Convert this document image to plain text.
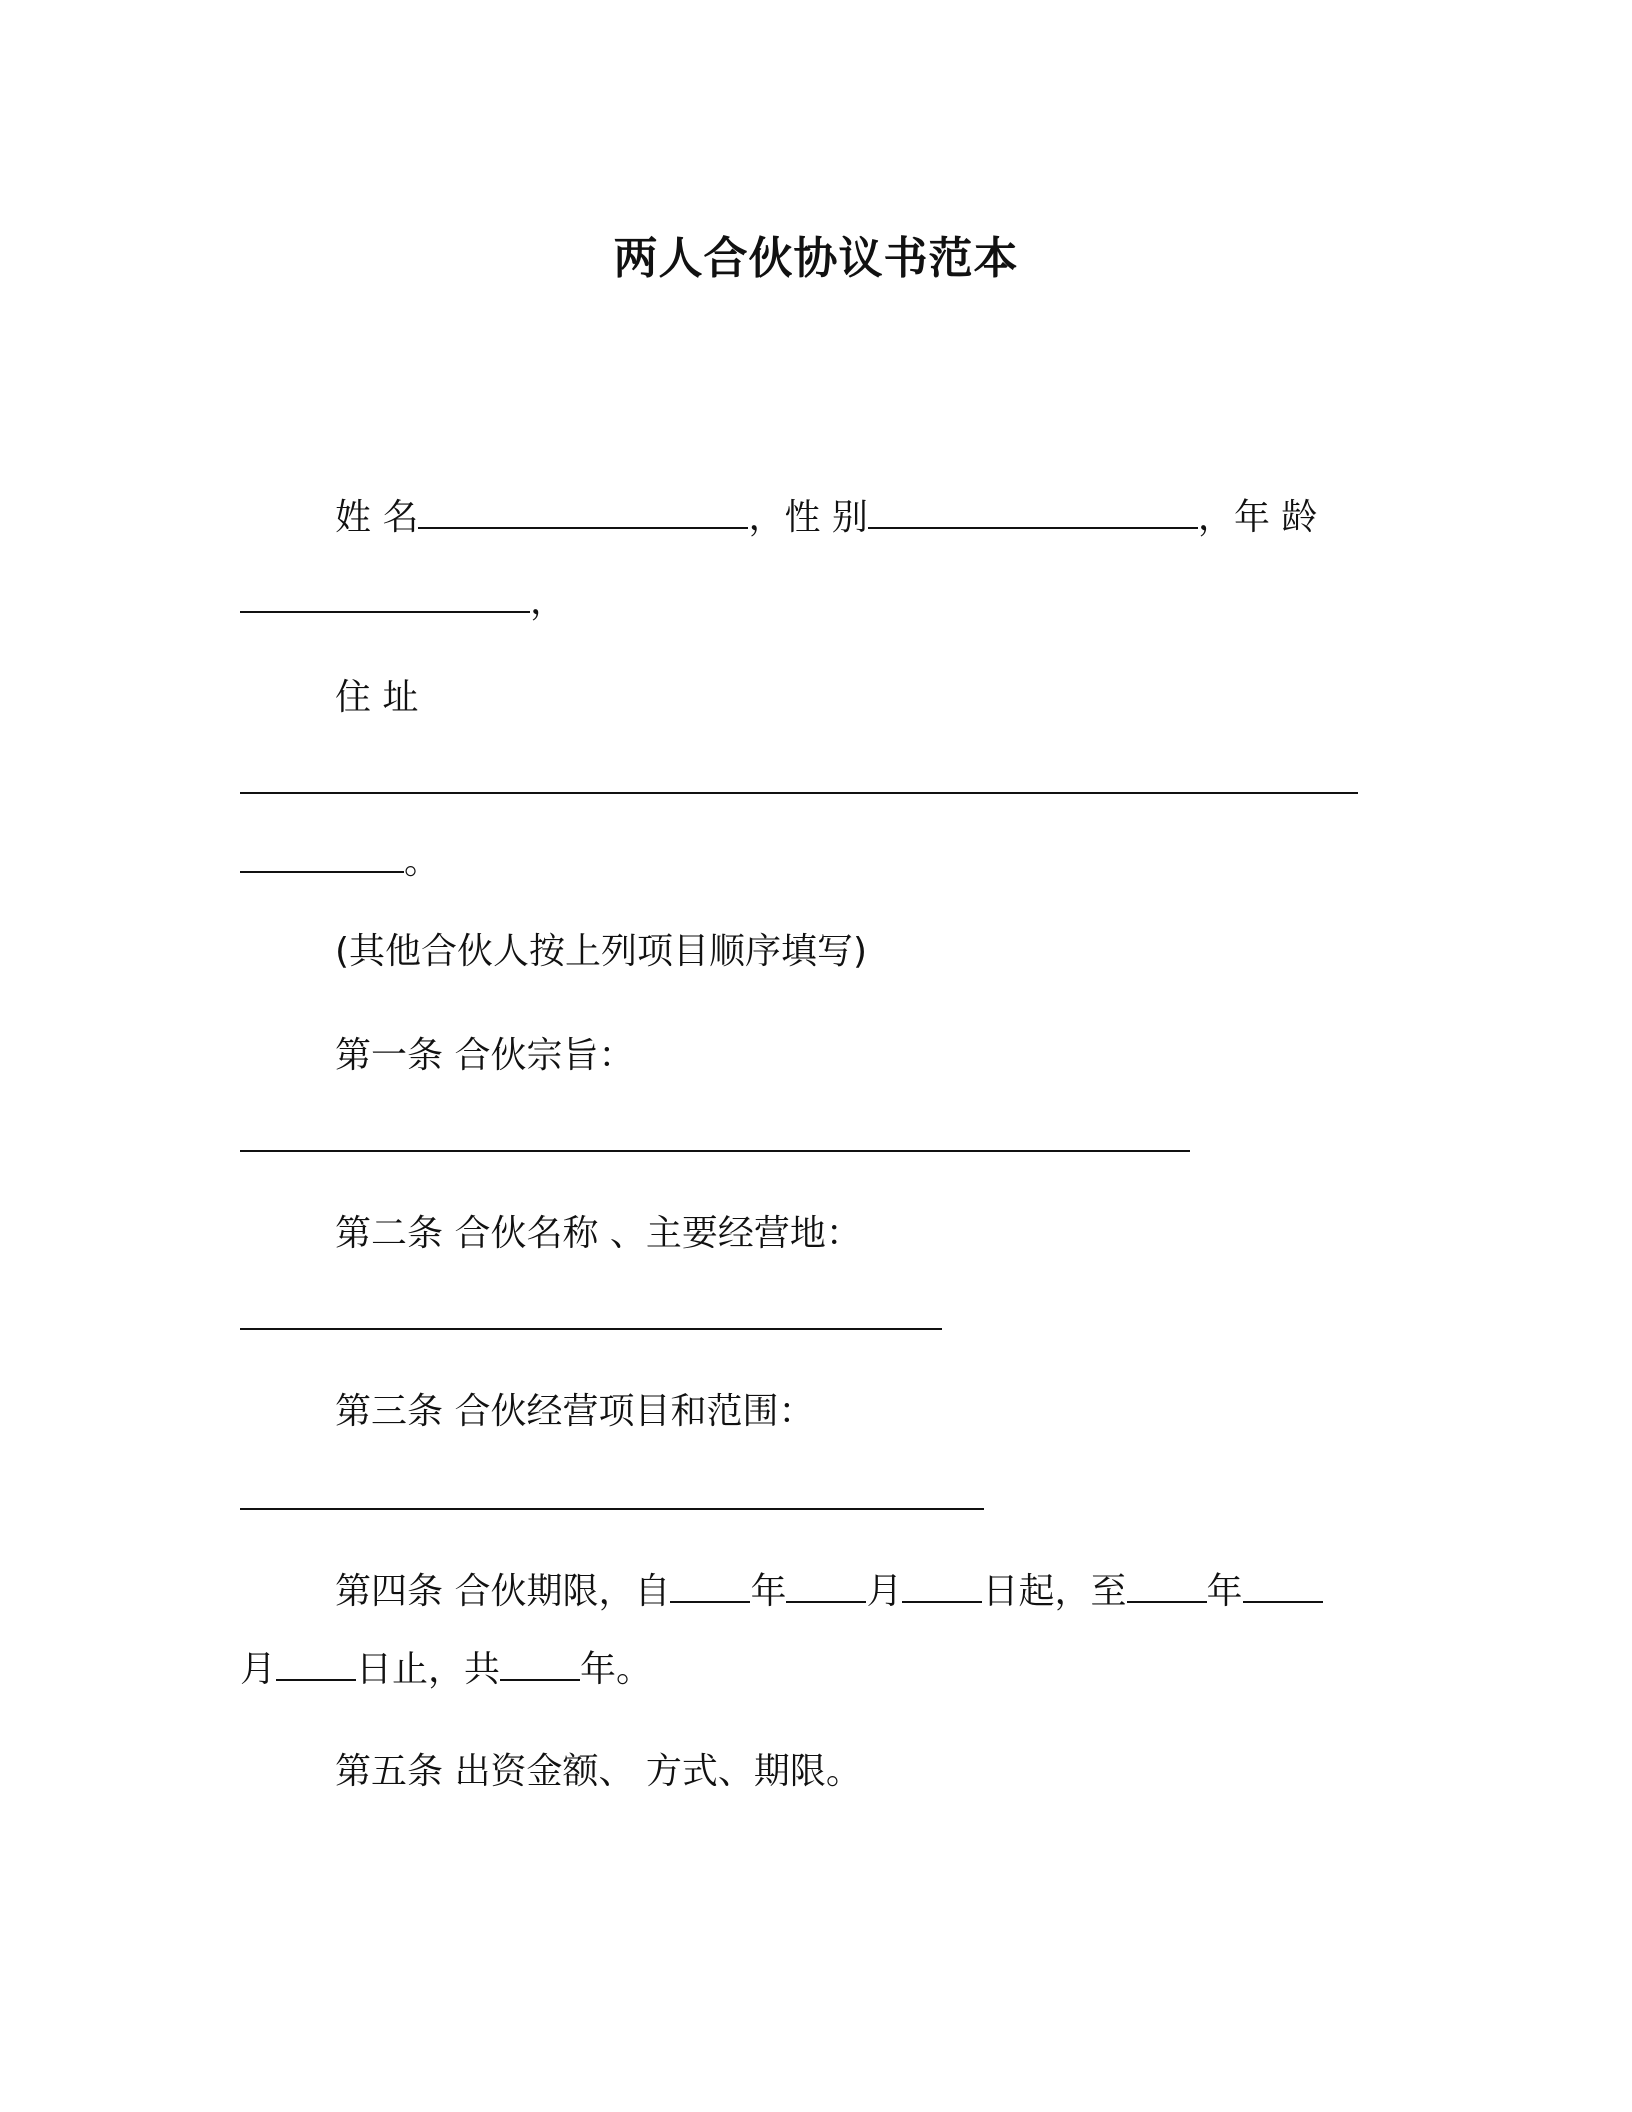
两人合伙协议书范本
姓 名	，性 别	，年 龄
，
住 址
。
(其他合伙人按上列项目顺序填写)
第一条 合伙宗旨：
第二条 合伙名称 、主要经营地：
第三条 合伙经营项目和范围：
第四条 合伙期限，自 年 月 日起，至 年
月 日止，共 年。
第五条 出资金额、 方式、期限。
